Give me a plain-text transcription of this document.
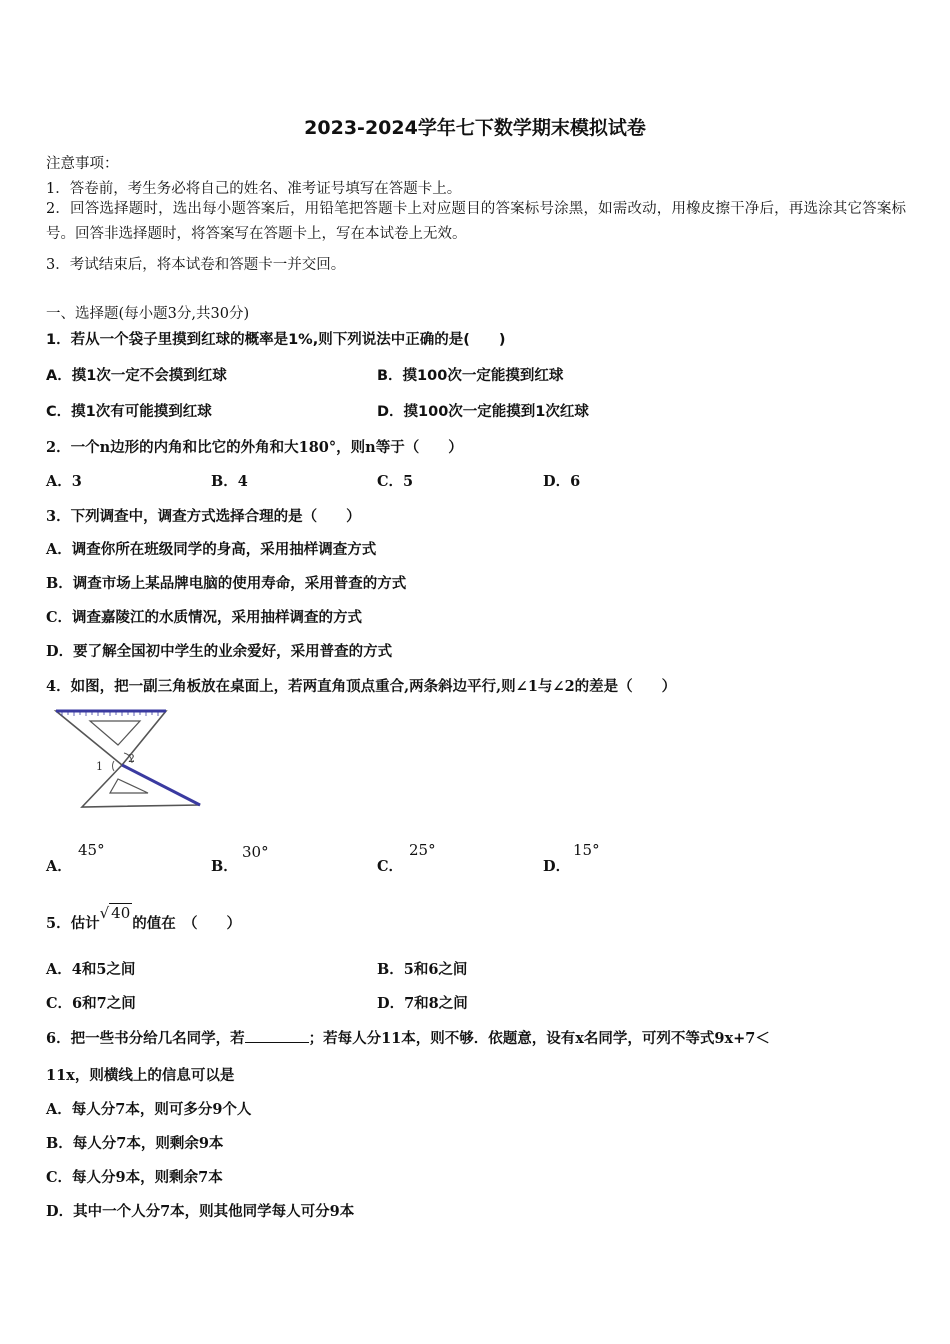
2023-2024学年七下数学期末模拟试卷
注意事项：
1．答卷前，考生务必将自己的姓名、准考证号填写在答题卡上。
2．回答选择题时，选出每小题答案后，用铅笔把答题卡上对应题目的答案标号涂黑，如需改动，用橡皮擦干净后，再选涂其它答案标号。回答非选择题时，将答案写在答题卡上，写在本试卷上无效。
3．考试结束后，将本试卷和答题卡一并交回。
一、选择题(每小题3分,共30分)
1．若从一个袋子里摸到红球的概率是1%,则下列说法中正确的是(　　)
A．摸1次一定不会摸到红球	B．摸100次一定能摸到红球
C．摸1次有可能摸到红球	D．摸100次一定能摸到1次红球
2．一个n边形的内角和比它的外角和大180°，则n等于（　　）
A．3	B．4	C．5	D．6
3．下列调查中，调查方式选择合理的是（　　）
A．调查你所在班级同学的身高，采用抽样调查方式
B．调查市场上某品牌电脑的使用寿命，采用普查的方式
C．调查嘉陵江的水质情况，采用抽样调查的方式
D．要了解全国初中学生的业余爱好，采用普查的方式
4．如图，把一副三角板放在桌面上，若两直角顶点重合,两条斜边平行,则∠1与∠2的差是（　　）
1
2
A．
45°
B．
30°
C．
25°
D．
15°
5．估计√ 40的值在　（　　）
A．4和5之间	B．5和6之间
C．6和7之间	D．7和8之间
6．把一些书分给几名同学，若	；若每人分11本，则不够．依题意，设有x名同学，可列不等式9x+7＜
11x，则横线上的信息可以是
A．每人分7本，则可多分9个人
B．每人分7本，则剩余9本
C．每人分9本，则剩余7本
D．其中一个人分7本，则其他同学每人可分9本
